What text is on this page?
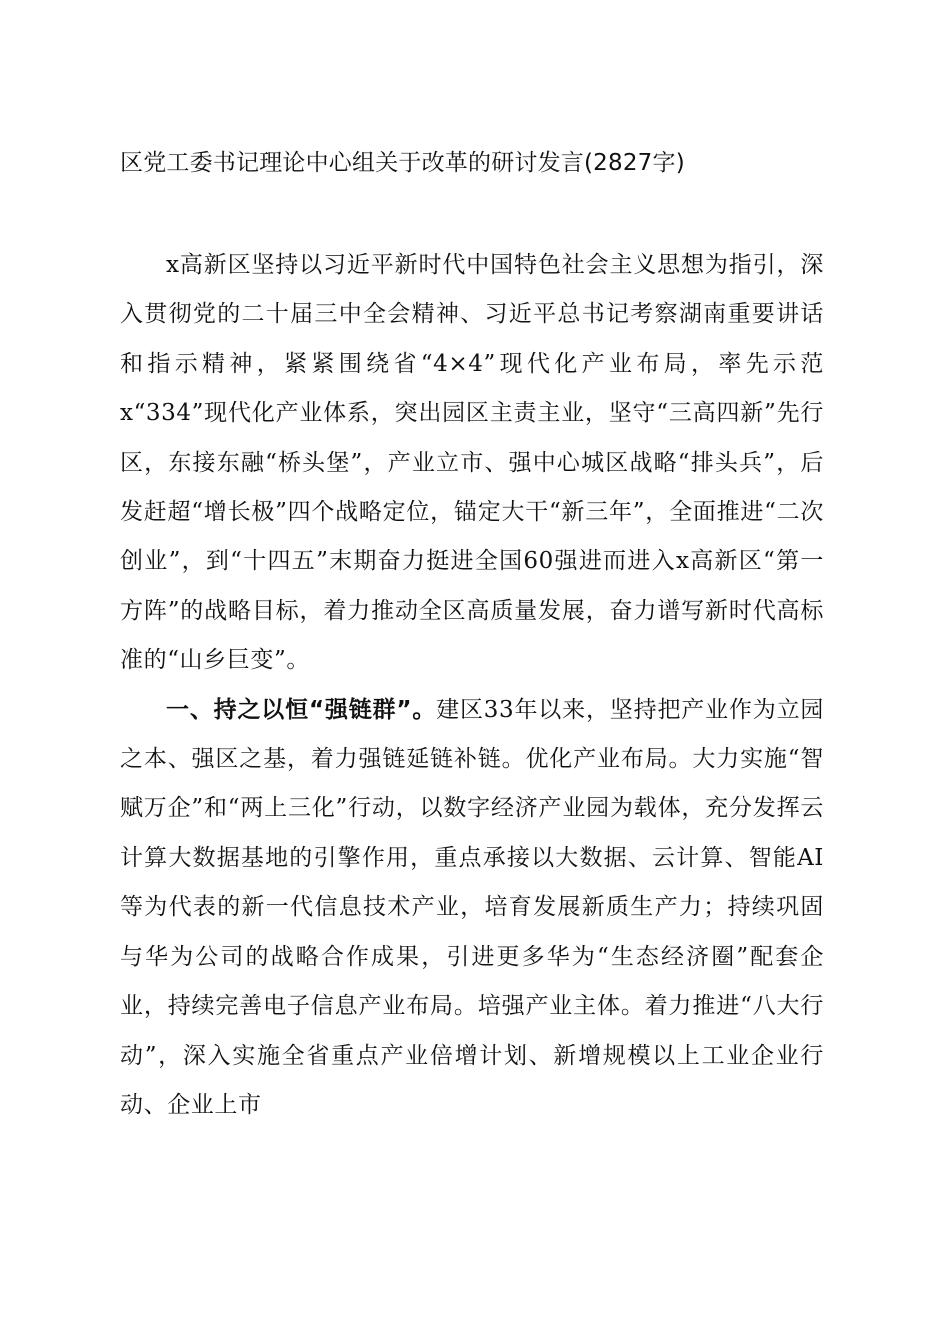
区党工委书记理论中心组关于改革的研讨发言(2827字)

x高新区坚持以习近平新时代中国特色社会主义思想为指引，深入贯彻党的二十届三中全会精神、习近平总书记考察湖南重要讲话和指示精神，紧紧围绕省“4×4”现代化产业布局，率先示范x“334”现代化产业体系，突出园区主责主业，坚守“三高四新”先行区，东接东融“桥头堡”，产业立市、强中心城区战略“排头兵”，后发赶超“增长极”四个战略定位，锚定大干“新三年”，全面推进“二次创业”，到“十四五”末期奋力挺进全国60强进而进入x高新区“第一方阵”的战略目标，着力推动全区高质量发展，奋力谱写新时代高标准的“山乡巨变”。

一、持之以恒“强链群”。建区33年以来，坚持把产业作为立园之本、强区之基，着力强链延链补链。优化产业布局。大力实施“智赋万企”和“两上三化”行动，以数字经济产业园为载体，充分发挥云计算大数据基地的引擎作用，重点承接以大数据、云计算、智能AI等为代表的新一代信息技术产业，培育发展新质生产力；持续巩固与华为公司的战略合作成果，引进更多华为“生态经济圈”配套企业，持续完善电子信息产业布局。培强产业主体。着力推进“八大行动”，深入实施全省重点产业倍增计划、新增规模以上工业企业行动、企业上市
